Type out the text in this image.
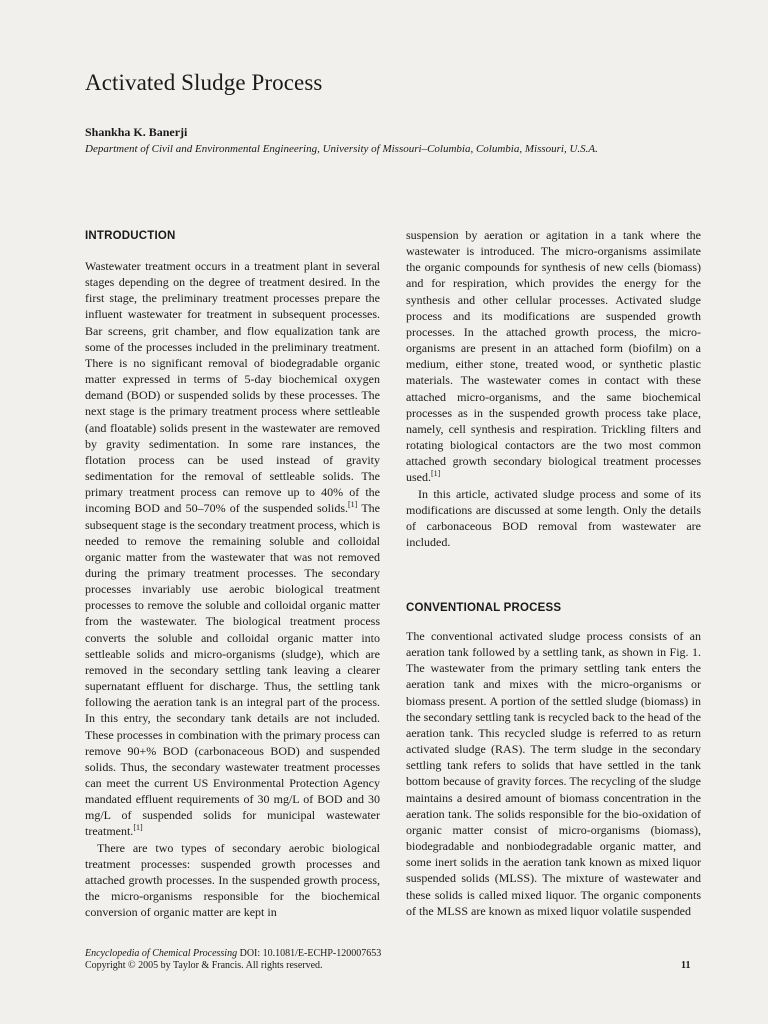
Activated Sludge Process

Shankha K. Banerji

Department of Civil and Environmental Engineering, University of Missouri–Columbia, Columbia, Missouri, U.S.A.

INTRODUCTION

Wastewater treatment occurs in a treatment plant in several stages depending on the degree of treatment desired. In the first stage, the preliminary treatment processes prepare the influent wastewater for treatment in subsequent processes. Bar screens, grit chamber, and flow equalization tank are some of the processes included in the preliminary treatment. There is no significant removal of biodegradable organic matter expressed in terms of 5-day biochemical oxygen demand (BOD) or suspended solids by these processes. The next stage is the primary treatment process where settleable (and floatable) solids present in the wastewater are removed by gravity sedimentation. In some rare instances, the flotation process can be used instead of gravity sedimentation for the removal of settleable solids. The primary treatment process can remove up to 40% of the incoming BOD and 50–70% of the suspended solids.[1] The subsequent stage is the secondary treatment process, which is needed to remove the remaining soluble and colloidal organic matter from the wastewater that was not removed during the primary treatment processes. The secondary processes invariably use aerobic biological treatment processes to remove the soluble and colloidal organic matter from the wastewater. The biological treatment process converts the soluble and colloidal organic matter into settleable solids and micro-organisms (sludge), which are removed in the secondary settling tank leaving a clearer supernatant effluent for discharge. Thus, the settling tank following the aeration tank is an integral part of the process. In this entry, the secondary tank details are not included. These processes in combination with the primary process can remove 90+% BOD (carbonaceous BOD) and suspended solids. Thus, the secondary wastewater treatment processes can meet the current US Environmental Protection Agency mandated effluent requirements of 30 mg/L of BOD and 30 mg/L of suspended solids for municipal wastewater treatment.[1]

There are two types of secondary aerobic biological treatment processes: suspended growth processes and attached growth processes. In the suspended growth process, the micro-organisms responsible for the biochemical conversion of organic matter are kept in

suspension by aeration or agitation in a tank where the wastewater is introduced. The micro-organisms assimilate the organic compounds for synthesis of new cells (biomass) and for respiration, which provides the energy for the synthesis and other cellular processes. Activated sludge process and its modifications are suspended growth processes. In the attached growth process, the micro-organisms are present in an attached form (biofilm) on a medium, either stone, treated wood, or synthetic plastic materials. The wastewater comes in contact with these attached micro-organisms, and the same biochemical processes as in the suspended growth process take place, namely, cell synthesis and respiration. Trickling filters and rotating biological contactors are the two most common attached growth secondary biological treatment processes used.[1]

In this article, activated sludge process and some of its modifications are discussed at some length. Only the details of carbonaceous BOD removal from wastewater are included.

CONVENTIONAL PROCESS
The conventional activated sludge process consists of an aeration tank followed by a settling tank, as shown in Fig. 1. The wastewater from the primary settling tank enters the aeration tank and mixes with the micro-organisms or biomass present. A portion of the settled sludge (biomass) in the secondary settling tank is recycled back to the head of the aeration tank. This recycled sludge is referred to as return activated sludge (RAS). The term sludge in the secondary settling tank refers to solids that have settled in the tank bottom because of gravity forces. The recycling of the sludge maintains a desired amount of biomass concentration in the aeration tank. The solids responsible for the bio-oxidation of organic matter consist of micro-organisms (biomass), biodegradable and nonbiodegradable organic matter, and some inert solids in the aeration tank known as mixed liquor suspended solids (MLSS). The mixture of wastewater and these solids is called mixed liquor. The organic components of the MLSS are known as mixed liquor volatile suspended
Encyclopedia of Chemical Processing DOI: 10.1081/E-ECHP-120007653
Copyright © 2005 by Taylor & Francis. All rights reserved.	11
